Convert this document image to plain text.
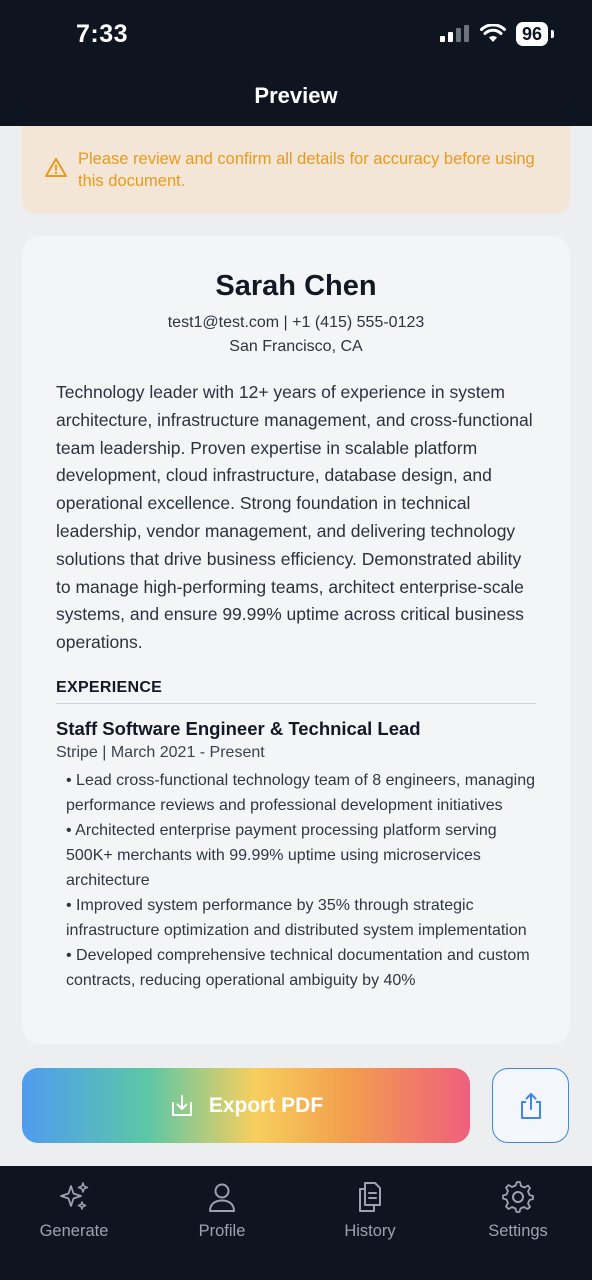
7:33	96
Preview
Please review and confirm all details for accuracy before using this document.
Sarah Chen
test1@test.com | +1 (415) 555-0123
San Francisco, CA
Technology leader with 12+ years of experience in system architecture, infrastructure management, and cross-functional team leadership. Proven expertise in scalable platform development, cloud infrastructure, database design, and operational excellence. Strong foundation in technical leadership, vendor management, and delivering technology solutions that drive business efficiency. Demonstrated ability to manage high-performing teams, architect enterprise-scale systems, and ensure 99.99% uptime across critical business operations.
EXPERIENCE
Staff Software Engineer & Technical Lead
Stripe | March 2021 - Present
• Lead cross-functional technology team of 8 engineers, managing performance reviews and professional development initiatives
• Architected enterprise payment processing platform serving 500K+ merchants with 99.99% uptime using microservices architecture
• Improved system performance by 35% through strategic infrastructure optimization and distributed system implementation
• Developed comprehensive technical documentation and custom contracts, reducing operational ambiguity by 40%
Export PDF
Generate	Profile	History	Settings
